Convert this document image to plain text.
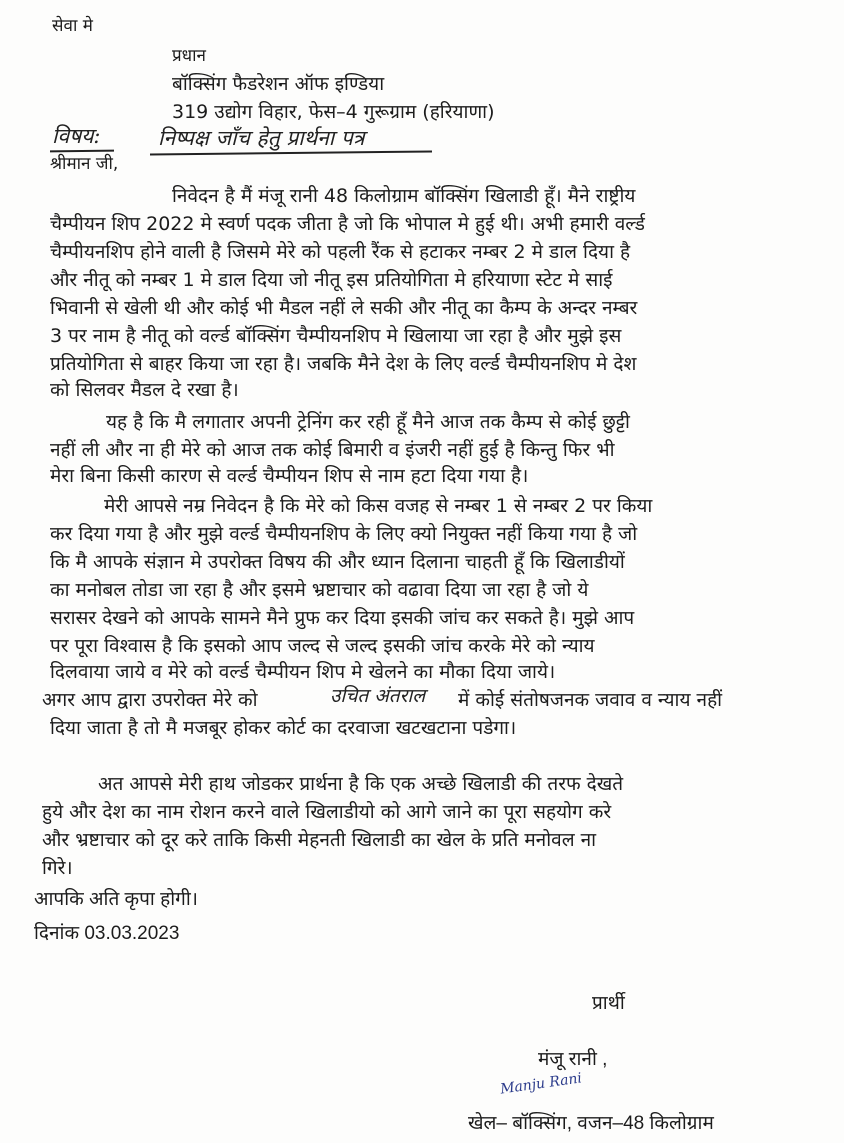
सेवा मे
प्रधान
बॉक्सिंग फैडरेशन ऑफ इण्डिया
319 उद्योग विहार, फेस–4 गुरूग्राम (हरियाणा)
विषय:	निष्पक्ष जाँच हेतु प्रार्थना पत्र
श्रीमान जी,
निवेदन है मैं मंजू रानी 48 किलोग्राम बॉक्सिंग खिलाडी हूँ। मैने राष्ट्रीय
चैम्पीयन शिप 2022 मे स्वर्ण पदक जीता है जो कि भोपाल मे हुई थी। अभी हमारी वर्ल्ड
चैम्पीयनशिप होने वाली है जिसमे मेरे को पहली रैंक से हटाकर नम्बर 2 मे डाल दिया है
और नीतू को नम्बर 1 मे डाल दिया जो नीतू इस प्रतियोगिता मे हरियाणा स्टेट मे साई
भिवानी से खेली थी और कोई भी मैडल नहीं ले सकी और नीतू का कैम्प के अन्दर नम्बर
3 पर नाम है नीतू को वर्ल्ड बॉक्सिंग चैम्पीयनशिप मे खिलाया जा रहा है और मुझे इस
प्रतियोगिता से बाहर किया जा रहा है। जबकि मैने देश के लिए वर्ल्ड चैम्पीयनशिप मे देश
को सिलवर मैडल दे रखा है।
यह है कि मै लगातार अपनी ट्रेनिंग कर रही हूँ मैने आज तक कैम्प से कोई छुट्टी
नहीं ली और ना ही मेरे को आज तक कोई बिमारी व इंजरी नहीं हुई है किन्तु फिर भी
मेरा बिना किसी कारण से वर्ल्ड चैम्पीयन शिप से नाम हटा दिया गया है।
मेरी आपसे नम्र निवेदन है कि मेरे को किस वजह से नम्बर 1 से नम्बर 2 पर किया
कर दिया गया है और मुझे वर्ल्ड चैम्पीयनशिप के लिए क्यो नियुक्त नहीं किया गया है जो
कि मै आपके संज्ञान मे उपरोक्त विषय की और ध्यान दिलाना चाहती हूँ कि खिलाडीयों
का मनोबल तोडा जा रहा है और इसमे भ्रष्टाचार को वढावा दिया जा रहा है जो ये
सरासर देखने को आपके सामने मैने प्रुफ कर दिया इसकी जांच कर सकते है। मुझे आप
पर पूरा विश्वास है कि इसको आप जल्द से जल्द इसकी जांच करके मेरे को न्याय
दिलवाया जाये व मेरे को वर्ल्ड चैम्पीयन शिप मे खेलने का मौका दिया जाये।
अगर आप द्वारा उपरोक्त मेरे को	उचित अंतराल में कोई संतोषजनक जवाव व न्याय नहीं
दिया जाता है तो मै मजबूर होकर कोर्ट का दरवाजा खटखटाना पडेगा।
अत आपसे मेरी हाथ जोडकर प्रार्थना है कि एक अच्छे खिलाडी की तरफ देखते
हुये और देश का नाम रोशन करने वाले खिलाडीयो को आगे जाने का पूरा सहयोग करे
और भ्रष्टाचार को दूर करे ताकि किसी मेहनती खिलाडी का खेल के प्रति मनोवल ना
गिरे।
आपकि अति कृपा होगी।
दिनांक 03.03.2023
प्रार्थी
मंजू रानी ,
Manju Rani
खेल– बॉक्सिंग, वजन–48 किलोग्राम
